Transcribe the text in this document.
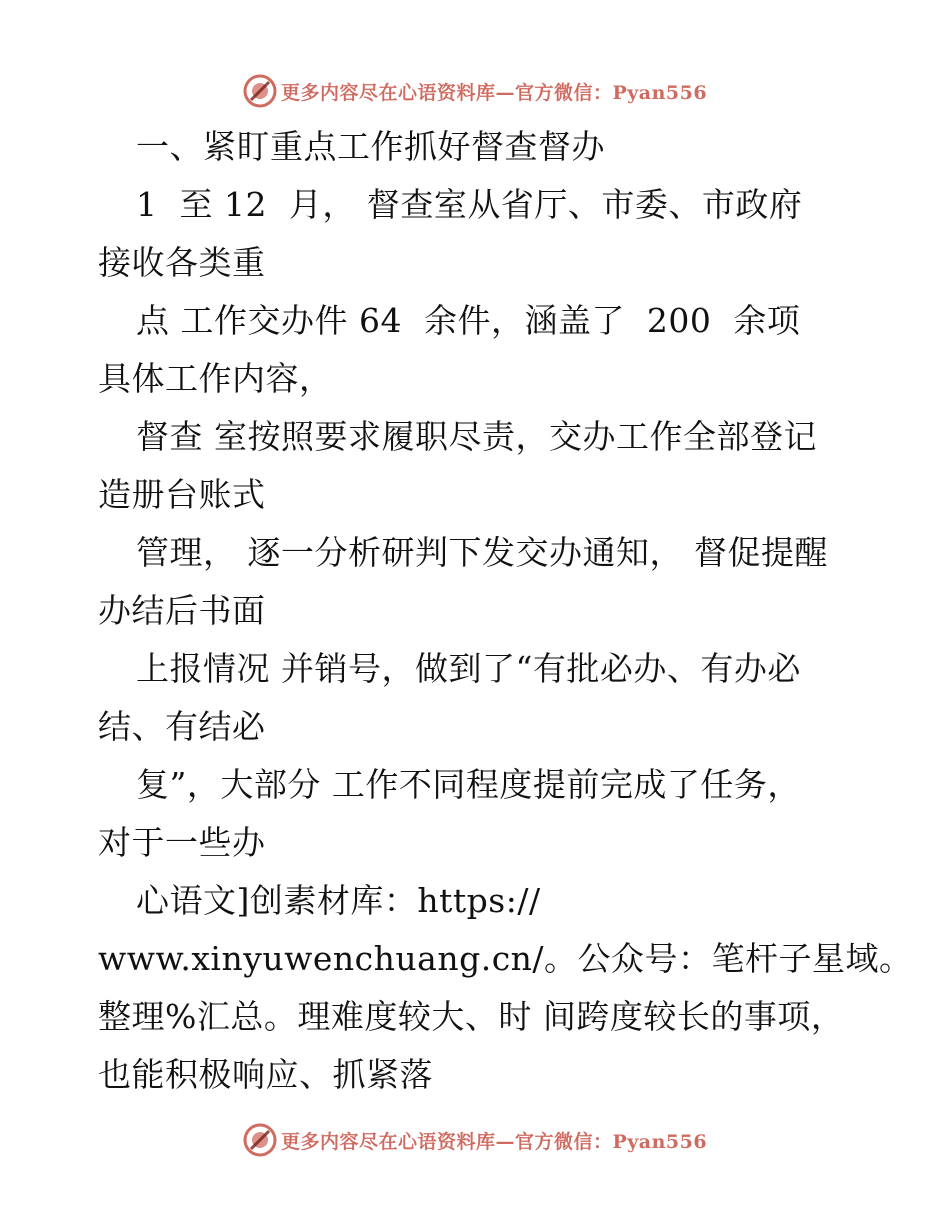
更多内容尽在心语资料库—官方微信：Pyan556
一、紧盯重点工作抓好督查督办
1  至 12  月， 督查室从省厅、市委、市政府
接收各类重
点 工作交办件 64  余件，涵盖了  200  余项
具体工作内容，
督查 室按照要求履职尽责，交办工作全部登记
造册台账式
管理， 逐一分析研判下发交办通知， 督促提醒
办结后书面
上报情况 并销号，做到了“有批必办、有办必
结、有结必
复”，大部分 工作不同程度提前完成了任务，
对于一些办
心语文]创素材库：https://
www.xinyuwenchuang.cn/。公众号：笔杆子星域。
整理%汇总。理难度较大、时 间跨度较长的事项，
也能积极响应、抓紧落
更多内容尽在心语资料库—官方微信：Pyan556
